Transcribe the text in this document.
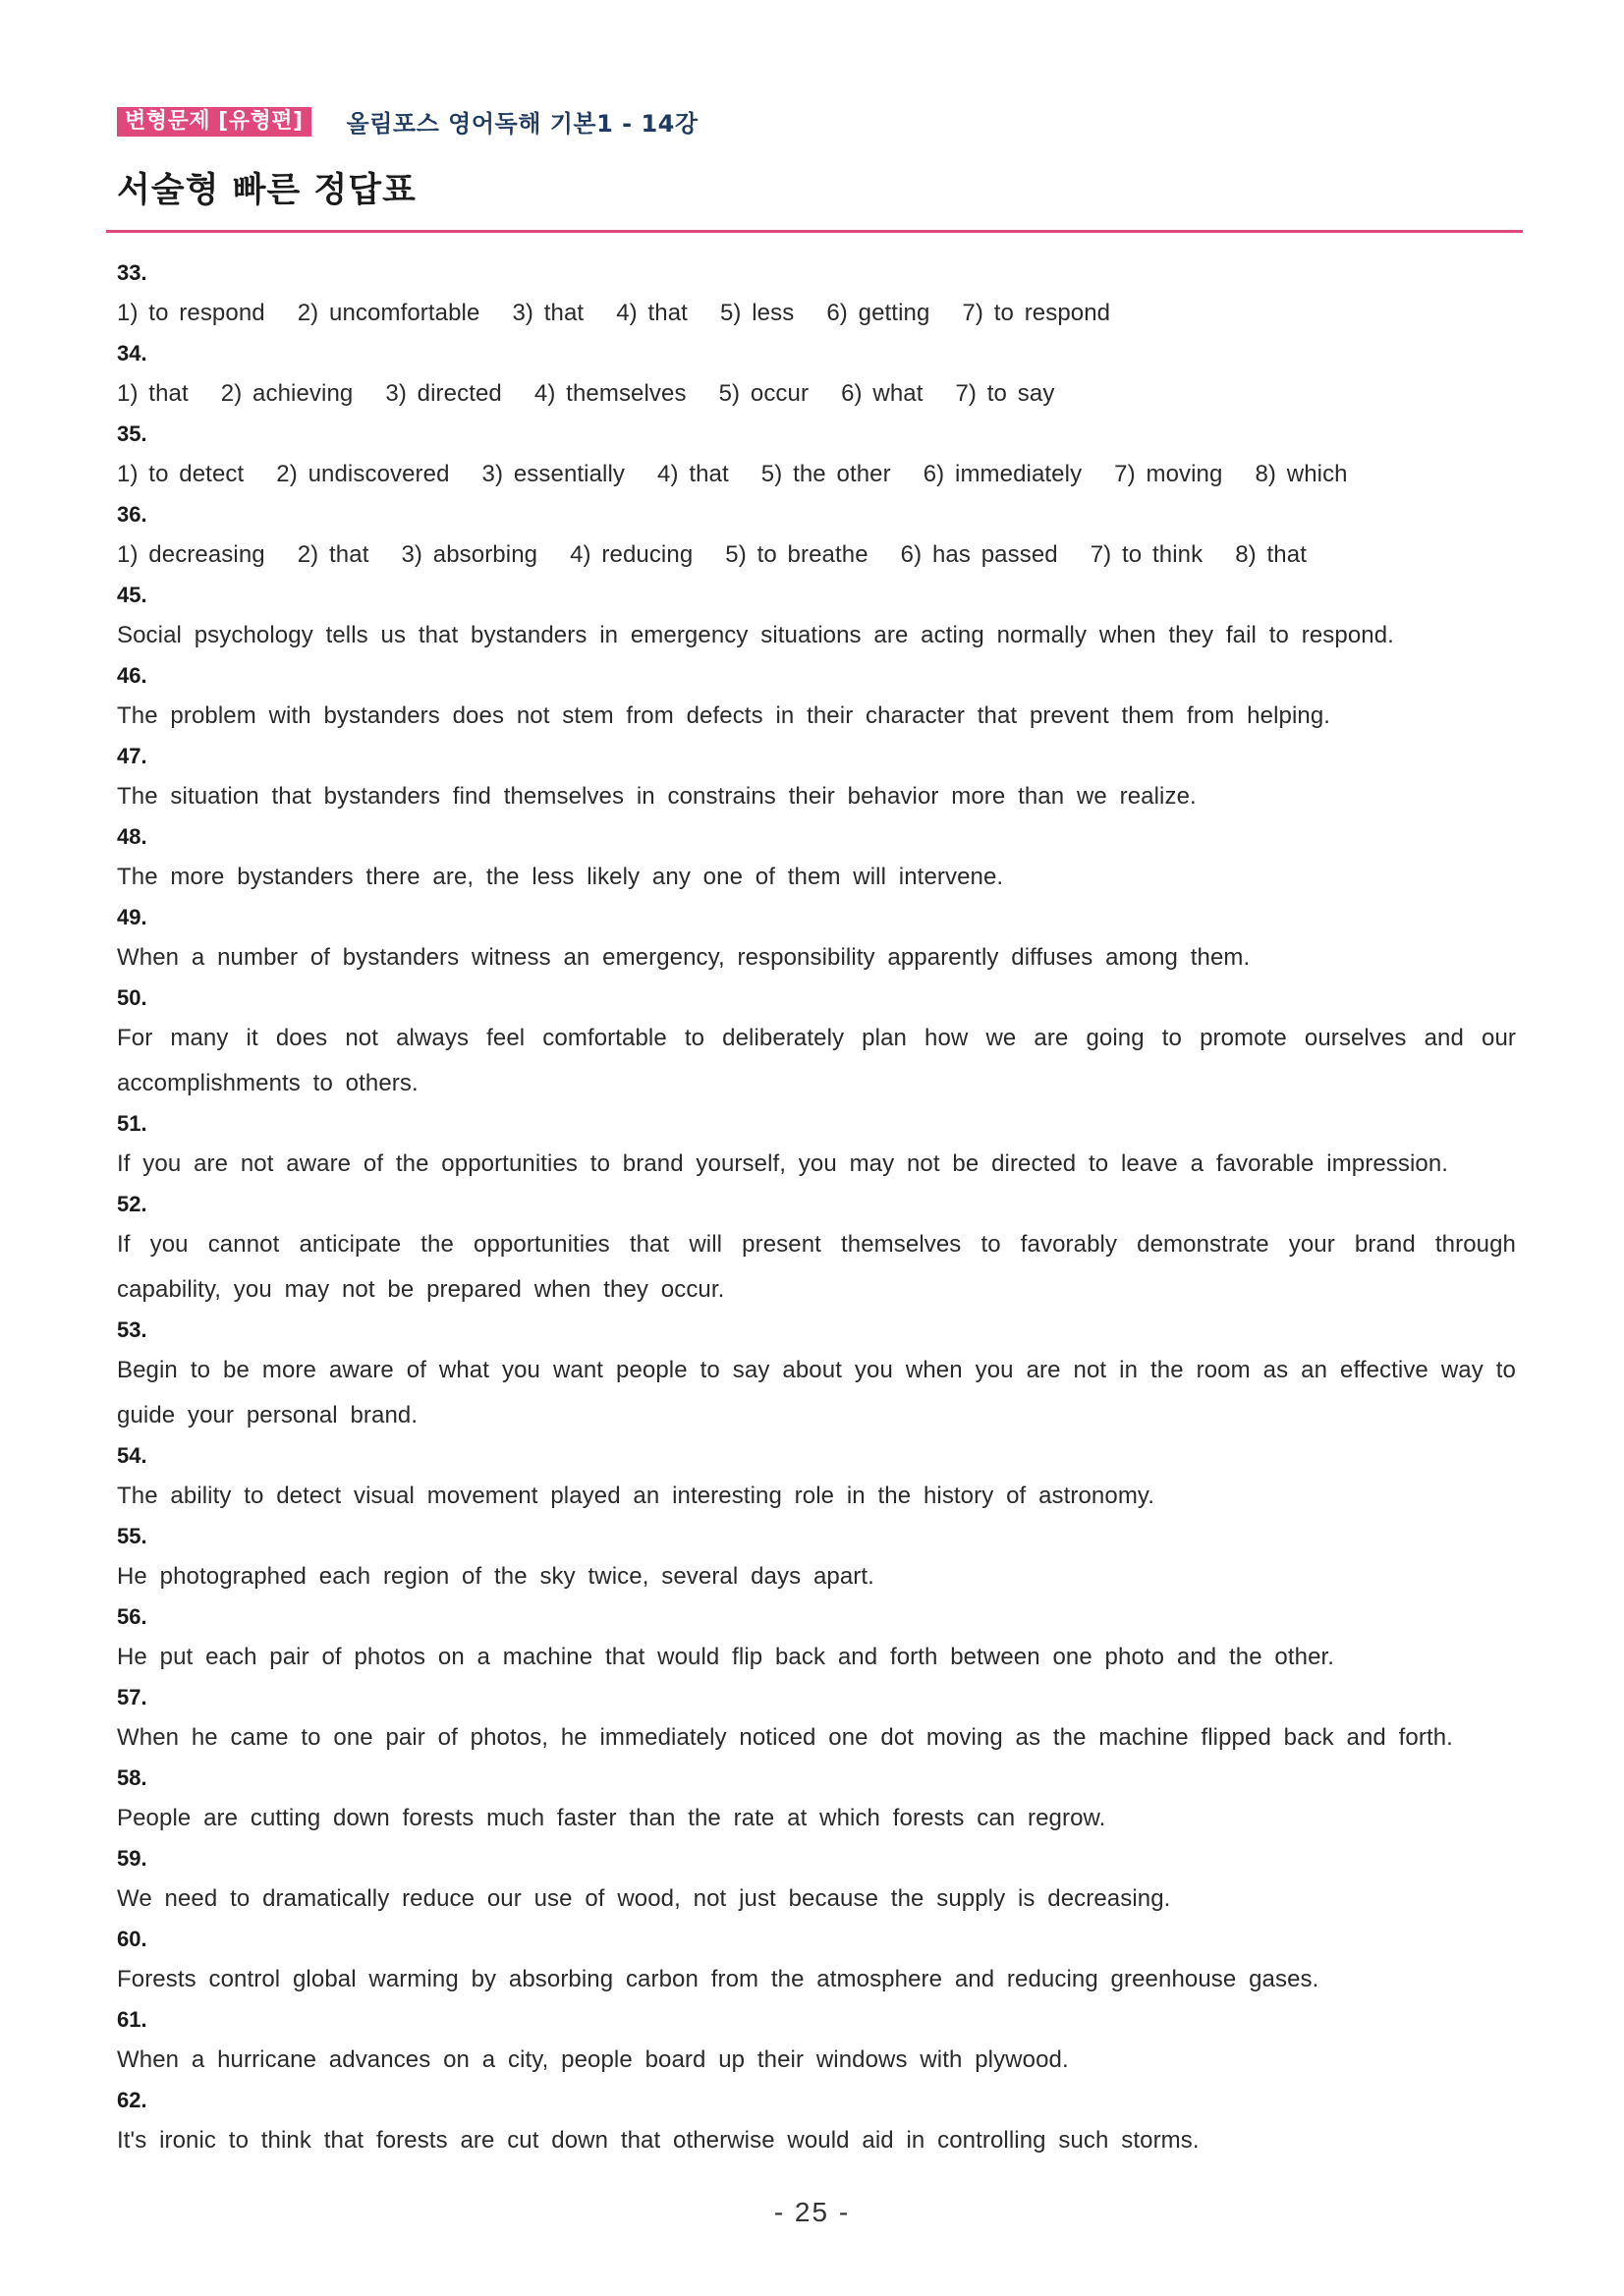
변형문제 [유형편]	올림포스 영어독해 기본1 - 14강
서술형 빠른 정답표
33.
1) to respond 2) uncomfortable 3) that 4) that 5) less 6) getting 7) to respond
34.
1) that 2) achieving 3) directed 4) themselves 5) occur 6) what 7) to say
35.
1) to detect 2) undiscovered 3) essentially 4) that 5) the other 6) immediately 7) moving 8) which
36.
1) decreasing 2) that 3) absorbing 4) reducing 5) to breathe 6) has passed 7) to think 8) that
45.
Social psychology tells us that bystanders in emergency situations are acting normally when they fail to respond.
46.
The problem with bystanders does not stem from defects in their character that prevent them from helping.
47.
The situation that bystanders find themselves in constrains their behavior more than we realize.
48.
The more bystanders there are, the less likely any one of them will intervene.
49.
When a number of bystanders witness an emergency, responsibility apparently diffuses among them.
50.
For many it does not always feel comfortable to deliberately plan how we are going to promote ourselves and our accomplishments to others.
51.
If you are not aware of the opportunities to brand yourself, you may not be directed to leave a favorable impression.
52.
If you cannot anticipate the opportunities that will present themselves to favorably demonstrate your brand through capability, you may not be prepared when they occur.
53.
Begin to be more aware of what you want people to say about you when you are not in the room as an effective way to guide your personal brand.
54.
The ability to detect visual movement played an interesting role in the history of astronomy.
55.
He photographed each region of the sky twice, several days apart.
56.
He put each pair of photos on a machine that would flip back and forth between one photo and the other.
57.
When he came to one pair of photos, he immediately noticed one dot moving as the machine flipped back and forth.
58.
People are cutting down forests much faster than the rate at which forests can regrow.
59.
We need to dramatically reduce our use of wood, not just because the supply is decreasing.
60.
Forests control global warming by absorbing carbon from the atmosphere and reducing greenhouse gases.
61.
When a hurricane advances on a city, people board up their windows with plywood.
62.
It's ironic to think that forests are cut down that otherwise would aid in controlling such storms.
- 25 -
